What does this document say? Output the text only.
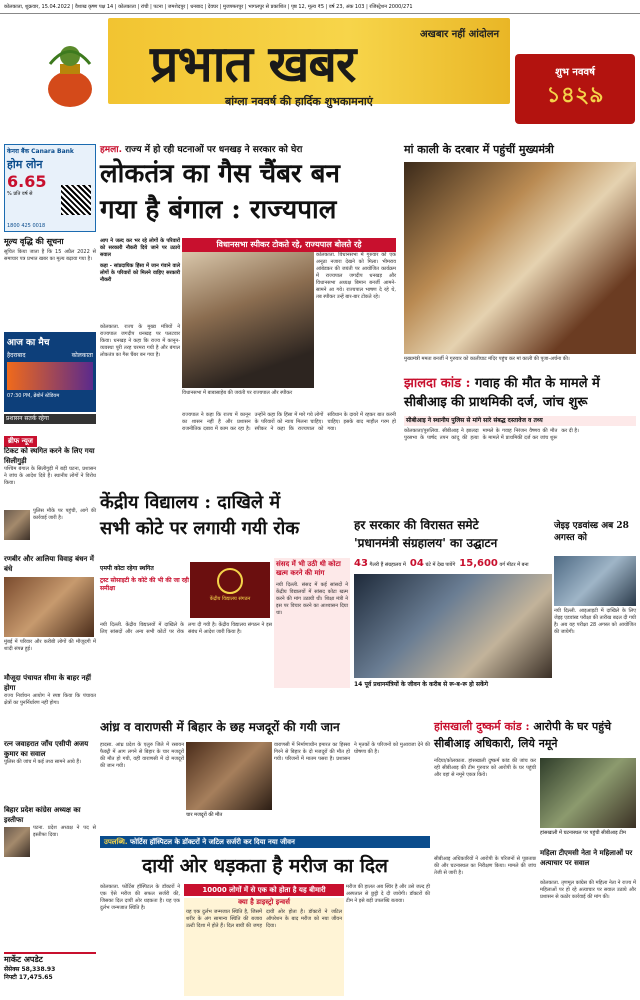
कोलकाता, शुक्रवार, 15.04.2022 | वैशाख कृष्ण पक्ष 14 | कोलकाता | रांची | पटना | जमशेदपुर | धनबाद | देवघर | मुजफ्फरपुर | भागलपुर से प्रकाशित | पृष्ठ 12, मूल्य ₹5 | वर्ष 23, अंक 103 | रजिस्ट्रेशन 2000/271
प्रभात खबर	अखबार नहीं आंदोलन
बांग्ला नववर्ष की हार्दिक शुभकामनाएं
शुभ नववर्ष
১৪২৯
केनरा बैंक Canara Bank
होम लोन
6.65
% प्रति वर्ष से
1800 425 0018
मूल्य वृद्धि की सूचना
सूचित किया जाता है कि 15 अप्रैल 2022 से समाचार पत्र प्रभात खबर का मूल्य बढ़ाया गया है।
आज का मैच
हैदराबाद	कोलकाता
07:30 PM, ब्रेबोर्न स्टेडियम
प्रशासन सतर्क रहेगा
ब्रीफ न्यूज
टिकट को स्थगित करने के लिए गया सिलीगुड़ी
पश्चिम बंगाल के सिलीगुड़ी में बड़ी घटना, प्रशासन ने जांच के आदेश दिये हैं। स्थानीय लोगों ने विरोध किया।
पुलिस मौके पर पहुंची, आगे की कार्रवाई जारी है।
रणबीर और आलिया विवाह बंधन में बंधे
मुंबई में परिवार और करीबी लोगों की मौजूदगी में शादी संपन्न हुई।
मौजूदा पंचायत सीमा के बाहर नहीं होगा
राज्य निर्वाचन आयोग ने स्पष्ट किया कि पंचायत क्षेत्रों का पुनर्निर्धारण नहीं होगा।
रत्न जवाहरात जाँच एसीपी अजय कुमार का सवाल
पुलिस की जांच में कई तथ्य सामने आये हैं।
बिहार प्रदेश कांग्रेस अध्यक्ष का इस्तीफा
पटना. प्रदेश अध्यक्ष ने पद से इस्तीफा दिया।
मार्केट अपडेट
सेंसेक्स 58,338.93
निफ्टी 17,475.65
हमला. राज्य में हो रही घटनाओं पर धनखड़ ने सरकार को घेरा
लोकतंत्र का गैस चैंबर बन
गया है बंगाल : राज्यपाल
आप ने जल्द कर भर रहे लोगों के परिवारों को सरकारी नौकरी दिये जाने पर उठाये सवाल
कहा - सांप्रदायिक हिंसा में जान गंवाने वाले लोगों के परिवारों को मिलने वाहिए सरकारी नौकरी
कोलकाता. राज्य के मुख्य मंत्रियों ने राज्यपाल जगदीप धनखड़ पर पलटवार किया। धनखड़ ने कहा कि राज्य में कानून-व्यवस्था पूरी तरह चरमरा गयी है और बंगाल लोकतंत्र का गैस चैंबर बन गया है।
विधानसभा स्पीकर टोकते रहे, राज्यपाल बोलते रहे
विधानसभा में बाबासाहेब की जयंती पर राज्यपाल और स्पीकर
कोलकाता. विधानसभा में गुरुवार को एक अनूठा नजारा देखने को मिला। भीमराव आंबेडकर की जयंती पर आयोजित कार्यक्रम में राज्यपाल जगदीप धनखड़ और विधानसभा अध्यक्ष बिमान बनर्जी आमने-सामने आ गये। राज्यपाल भाषण दे रहे थे, तब स्पीकर उन्हें बार-बार टोकते रहे।
राज्यपाल ने कहा कि राज्य में कानून का शासन नहीं है और प्रशासन राजनीतिक दबाव में काम कर रहा है। उन्होंने कहा कि हिंसा में मारे गये लोगों के परिवारों को न्याय मिलना चाहिए। स्पीकर ने कहा कि राज्यपाल को संविधान के दायरे में रहकर बात करनी चाहिए। इसके बाद माहौल गरम हो गया।
मां काली के दरबार में पहुंचीं मुख्यमंत्री
मुख्यमंत्री ममता बनर्जी ने गुरुवार को कालीघाट मंदिर पहुंच कर मां काली की पूजा-अर्चना की।
झालदा कांड : गवाह की मौत के मामले में
सीबीआइ की प्राथमिकी दर्ज, जांच शुरू
सीबीआइ ने स्थानीय पुलिस से मांगे सारे संबद्ध दस्तावेज व तथ्य
कोलकाता/पुरुलिया. सीबीआइ ने झालदा पुरसभा के पार्षद तपन कांदू की हत्या मामले के गवाह निरंजन वैष्णव की मौत के मामले में प्राथमिकी दर्ज कर जांच शुरू कर दी है।
जेइइ एडवांस्ड अब 28 अगस्त को
नयी दिल्ली. आइआइटी में दाखिले के लिए जेइइ एडवांस्ड परीक्षा की तारीख बदल दी गयी है। अब यह परीक्षा 28 अगस्त को आयोजित की जायेगी।
केंद्रीय विद्यालय : दाखिले में
सभी कोटे पर लगायी गयी रोक
एमपी कोटा रहेगा स्थगित
ट्रस्ट सोसाइटी के कोटे की भी की जा रही समीक्षा
केंद्रीय विद्यालय संगठन
संसद में भी उठी थी कोटा खत्म करने की मांग
नयी दिल्ली. संसद में कई सांसदों ने केंद्रीय विद्यालयों में सांसद कोटा खत्म करने की मांग उठायी थी। शिक्षा मंत्री ने इस पर विचार करने का आश्वासन दिया था।
नयी दिल्ली. केंद्रीय विद्यालयों में दाखिले के लिए सांसदों और अन्य सभी कोटों पर रोक लगा दी गयी है। केंद्रीय विद्यालय संगठन ने इस संबंध में आदेश जारी किया है।
हर सरकार की विरासत समेटे
'प्रधानमंत्री संग्रहालय' का उद्घाटन
43 गैलरी हैं संग्रहालय में 04 घंटे में देख पायेंगे 15,600 वर्ग मीटर में बना
14 पूर्व प्रधानमंत्रियों के जीवन के करीब से रू-ब-रू हो सकेंगे
आंध्र व वाराणसी में बिहार के छह मजदूरों की गयी जान
चार मजदूरों की मौत
हादसा. आंध्र प्रदेश के एलुरु जिले में रसायन फैक्ट्री में आग लगने से बिहार के चार मजदूरों की मौत हो गयी, वहीं वाराणसी में दो मजदूरों की जान गयी।
वाराणसी में निर्माणाधीन इमारत का हिस्सा गिरने से बिहार के दो मजदूरों की मौत हो गयी। परिजनों में मातम पसरा है। प्रशासन ने मृतकों के परिजनों को मुआवजा देने की घोषणा की है।
हांसखाली दुष्कर्म कांड : आरोपी के घर पहुंचे सीबीआइ अधिकारी, लिये नमूने
नदिया/कोलकाता. हांसखाली दुष्कर्म कांड की जांच कर रही सीबीआइ की टीम गुरुवार को आरोपी के घर पहुंची और वहां से नमूने एकत्र किये।
हांसखाली में घटनास्थल पर पहुंची सीबीआइ टीम
उपलब्धि. फोर्टिस हॉस्पिटल के डॉक्टरों ने जटिल सर्जरी कर दिया नया जीवन
दायीं ओर धड़कता है मरीज का दिल
कोलकाता. फोर्टिस हॉस्पिटल के डॉक्टरों ने एक ऐसे मरीज की सफल सर्जरी की, जिसका दिल दायीं ओर धड़कता है। यह एक दुर्लभ जन्मजात स्थिति है।
10000 लोगों में से एक को होता है यह बीमारी
क्या है डाइस्ट्रो इन्वर्स
यह एक दुर्लभ जन्मजात स्थिति है, जिसमें शरीर के अंग सामान्य स्थिति की बजाय उल्टी दिशा में होते हैं। दिल बायीं की जगह दायीं ओर होता है। डॉक्टरों ने जटिल ऑपरेशन के बाद मरीज को नया जीवन दिया।
मरीज की हालत अब स्थिर है और उसे जल्द ही अस्पताल से छुट्टी दे दी जायेगी। डॉक्टरों की टीम ने इसे बड़ी उपलब्धि बताया।
महिला टीएमसी नेता ने महिलाओं पर अत्याचार पर सवाल
कोलकाता. तृणमूल कांग्रेस की महिला नेता ने राज्य में महिलाओं पर हो रहे अत्याचार पर सवाल उठाये और प्रशासन से कठोर कार्रवाई की मांग की।
सीबीआइ अधिकारियों ने आरोपी के परिजनों से पूछताछ की और घटनास्थल का निरीक्षण किया। मामले की जांच तेजी से जारी है।
